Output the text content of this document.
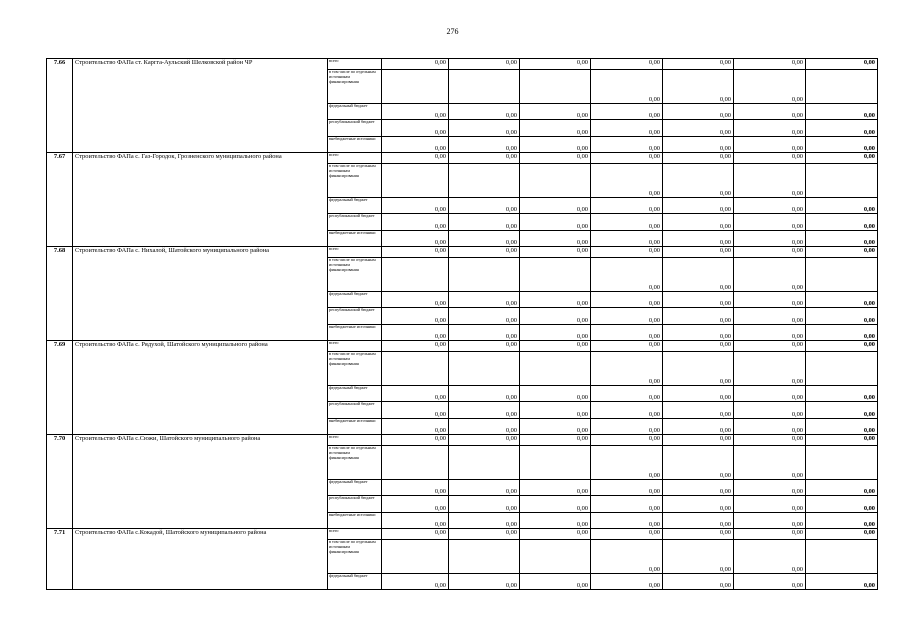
276
7.66	Строительство ФАПа ст. Каргга-Аульский Шелковской район ЧР	всего	0,00	0,00	0,00	0,00	0,00	0,00	0,00
		в том числе по отдельным источникам финансирования				0,00	0,00	0,00	
		федеральный бюджет	0,00	0,00	0,00	0,00	0,00	0,00	0,00
		республиканский бюджет	0,00	0,00	0,00	0,00	0,00	0,00	0,00
		внебюджетные источники	0,00	0,00	0,00	0,00	0,00	0,00	0,00
7.67	Строительство ФАПа с. Газ-Городок, Грозненского муниципального района	всего	0,00	0,00	0,00	0,00	0,00	0,00	0,00
		в том числе по отдельным источникам финансирования				0,00	0,00	0,00	
		федеральный бюджет	0,00	0,00	0,00	0,00	0,00	0,00	0,00
		республиканский бюджет	0,00	0,00	0,00	0,00	0,00	0,00	0,00
		внебюджетные источники	0,00	0,00	0,00	0,00	0,00	0,00	0,00
7.68	Строительство ФАПа с. Нихалой, Шатойского муниципального района	всего	0,00	0,00	0,00	0,00	0,00	0,00	0,00
		в том числе по отдельным источникам финансирования				0,00	0,00	0,00	
		федеральный бюджет	0,00	0,00	0,00	0,00	0,00	0,00	0,00
		республиканский бюджет	0,00	0,00	0,00	0,00	0,00	0,00	0,00
		внебюджетные источники	0,00	0,00	0,00	0,00	0,00	0,00	0,00
7.69	Строительство ФАПа с. Pядухой, Шатойского муниципального района	всего	0,00	0,00	0,00	0,00	0,00	0,00	0,00
		в том числе по отдельным источникам финансирования				0,00	0,00	0,00	
		федеральный бюджет	0,00	0,00	0,00	0,00	0,00	0,00	0,00
		республиканский бюджет	0,00	0,00	0,00	0,00	0,00	0,00	0,00
		внебюджетные источники	0,00	0,00	0,00	0,00	0,00	0,00	0,00
7.70	Строительство ФАПа с.Сюжи, Шатойского муниципального района	всего	0,00	0,00	0,00	0,00	0,00	0,00	0,00
		в том числе по отдельным источникам финансирования				0,00	0,00	0,00	
		федеральный бюджет	0,00	0,00	0,00	0,00	0,00	0,00	0,00
		республиканский бюджет	0,00	0,00	0,00	0,00	0,00	0,00	0,00
		внебюджетные источники	0,00	0,00	0,00	0,00	0,00	0,00	0,00
7.71	Строительство ФАПа с.Кокадой, Шатойского муниципального района	всего	0,00	0,00	0,00	0,00	0,00	0,00	0,00
		в том числе по отдельным источникам финансирования				0,00	0,00	0,00	
		федеральный бюджет	0,00	0,00	0,00	0,00	0,00	0,00	0,00
